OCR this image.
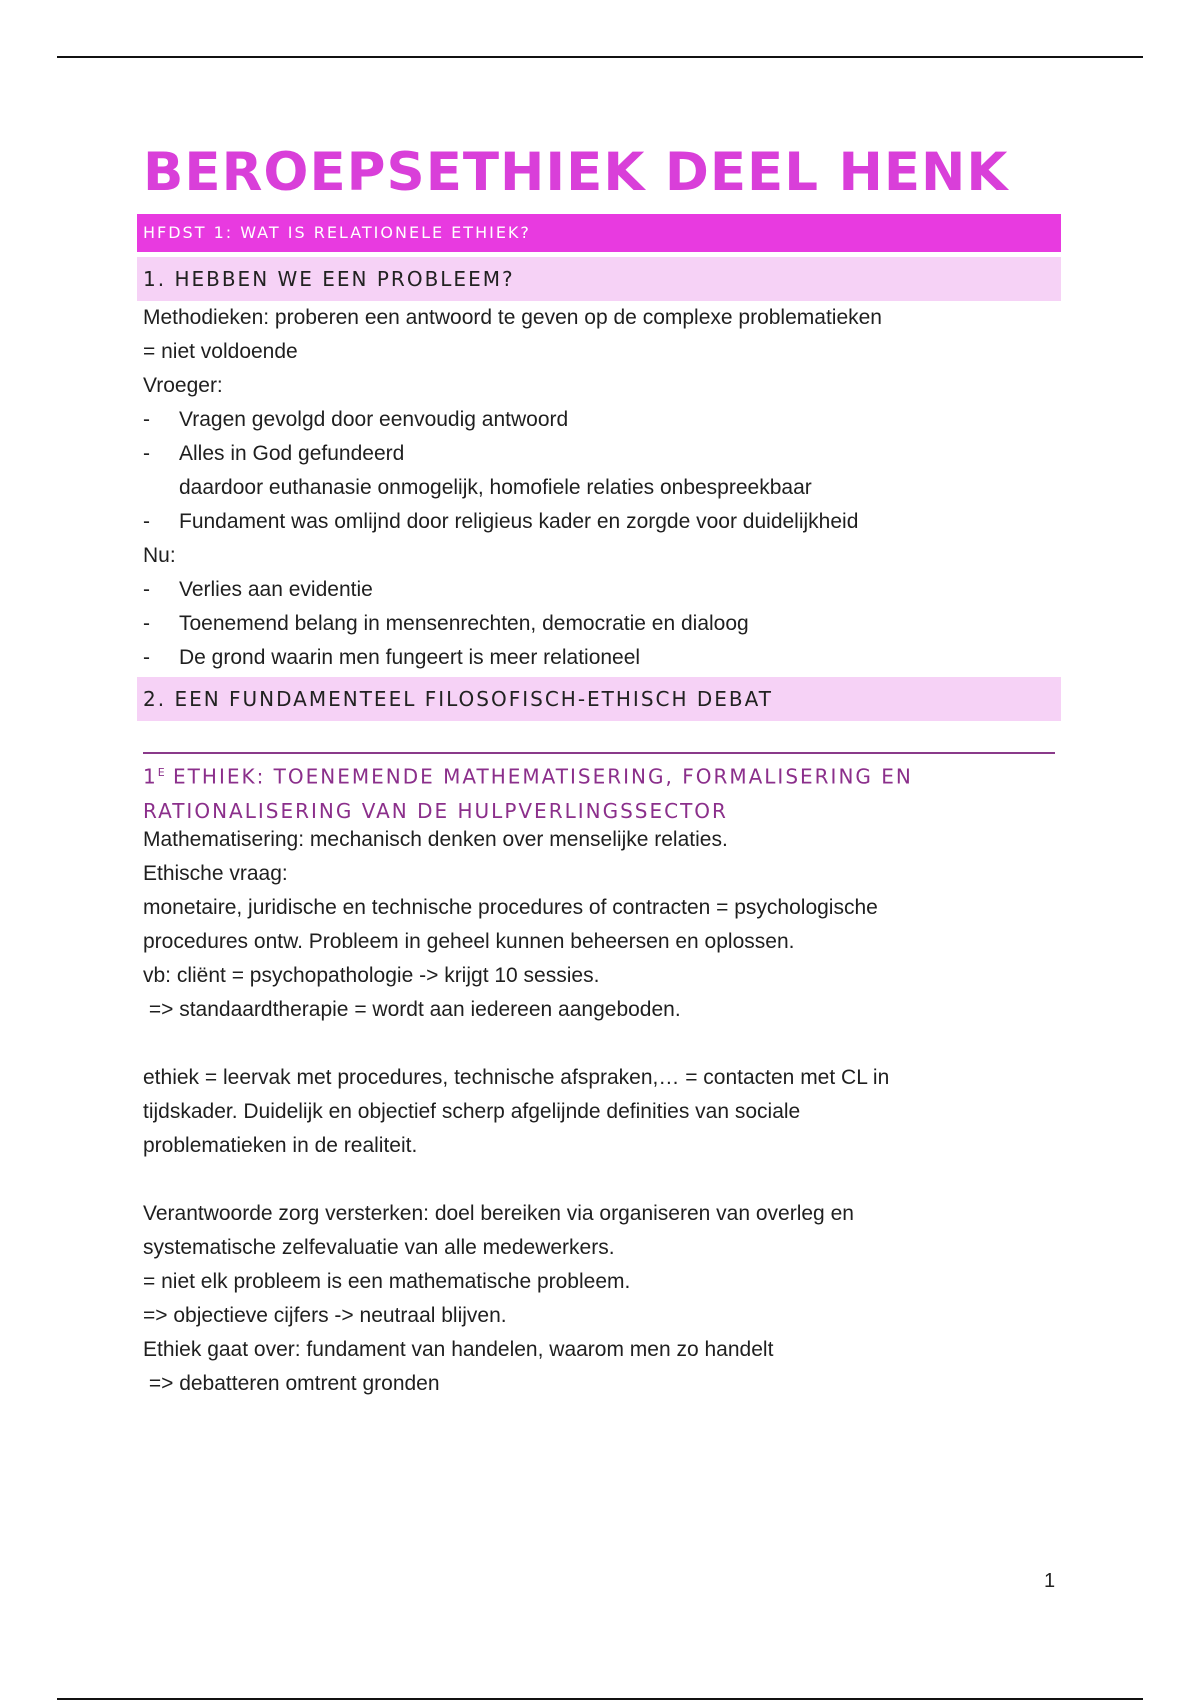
BEROEPSETHIEK DEEL HENK
HFDST 1: WAT IS RELATIONELE ETHIEK?
1. HEBBEN WE EEN PROBLEEM?
Methodieken: proberen een antwoord te geven op de complexe problematieken
= niet voldoende
Vroeger:
- Vragen gevolgd door eenvoudig antwoord
- Alles in God gefundeerd
daardoor euthanasie onmogelijk, homofiele relaties onbespreekbaar
- Fundament was omlijnd door religieus kader en zorgde voor duidelijkheid
Nu:
- Verlies aan evidentie
- Toenemend belang in mensenrechten, democratie en dialoog
- De grond waarin men fungeert is meer relationeel
2. EEN FUNDAMENTEEL FILOSOFISCH-ETHISCH DEBAT
$1^E$ ETHIEK: TOENEMENDE MATHEMATISERING, FORMALISERING EN
RATIONALISERING VAN DE HULPVERLINGSSECTOR
Mathematisering: mechanisch denken over menselijke relaties.
Ethische vraag:
monetaire, juridische en technische procedures of contracten = psychologische
procedures ontw. Probleem in geheel kunnen beheersen en oplossen.
vb: cliënt = psychopathologie -> krijgt 10 sessies.
=> standaardtherapie = wordt aan iedereen aangeboden.
ethiek = leervak met procedures, technische afspraken,… = contacten met CL in
tijdskader. Duidelijk en objectief scherp afgelijnde definities van sociale
problematieken in de realiteit.
Verantwoorde zorg versterken: doel bereiken via organiseren van overleg en
systematische zelfevaluatie van alle medewerkers.
= niet elk probleem is een mathematische probleem.
=> objectieve cijfers -> neutraal blijven.
Ethiek gaat over: fundament van handelen, waarom men zo handelt
=> debatteren omtrent gronden
1
